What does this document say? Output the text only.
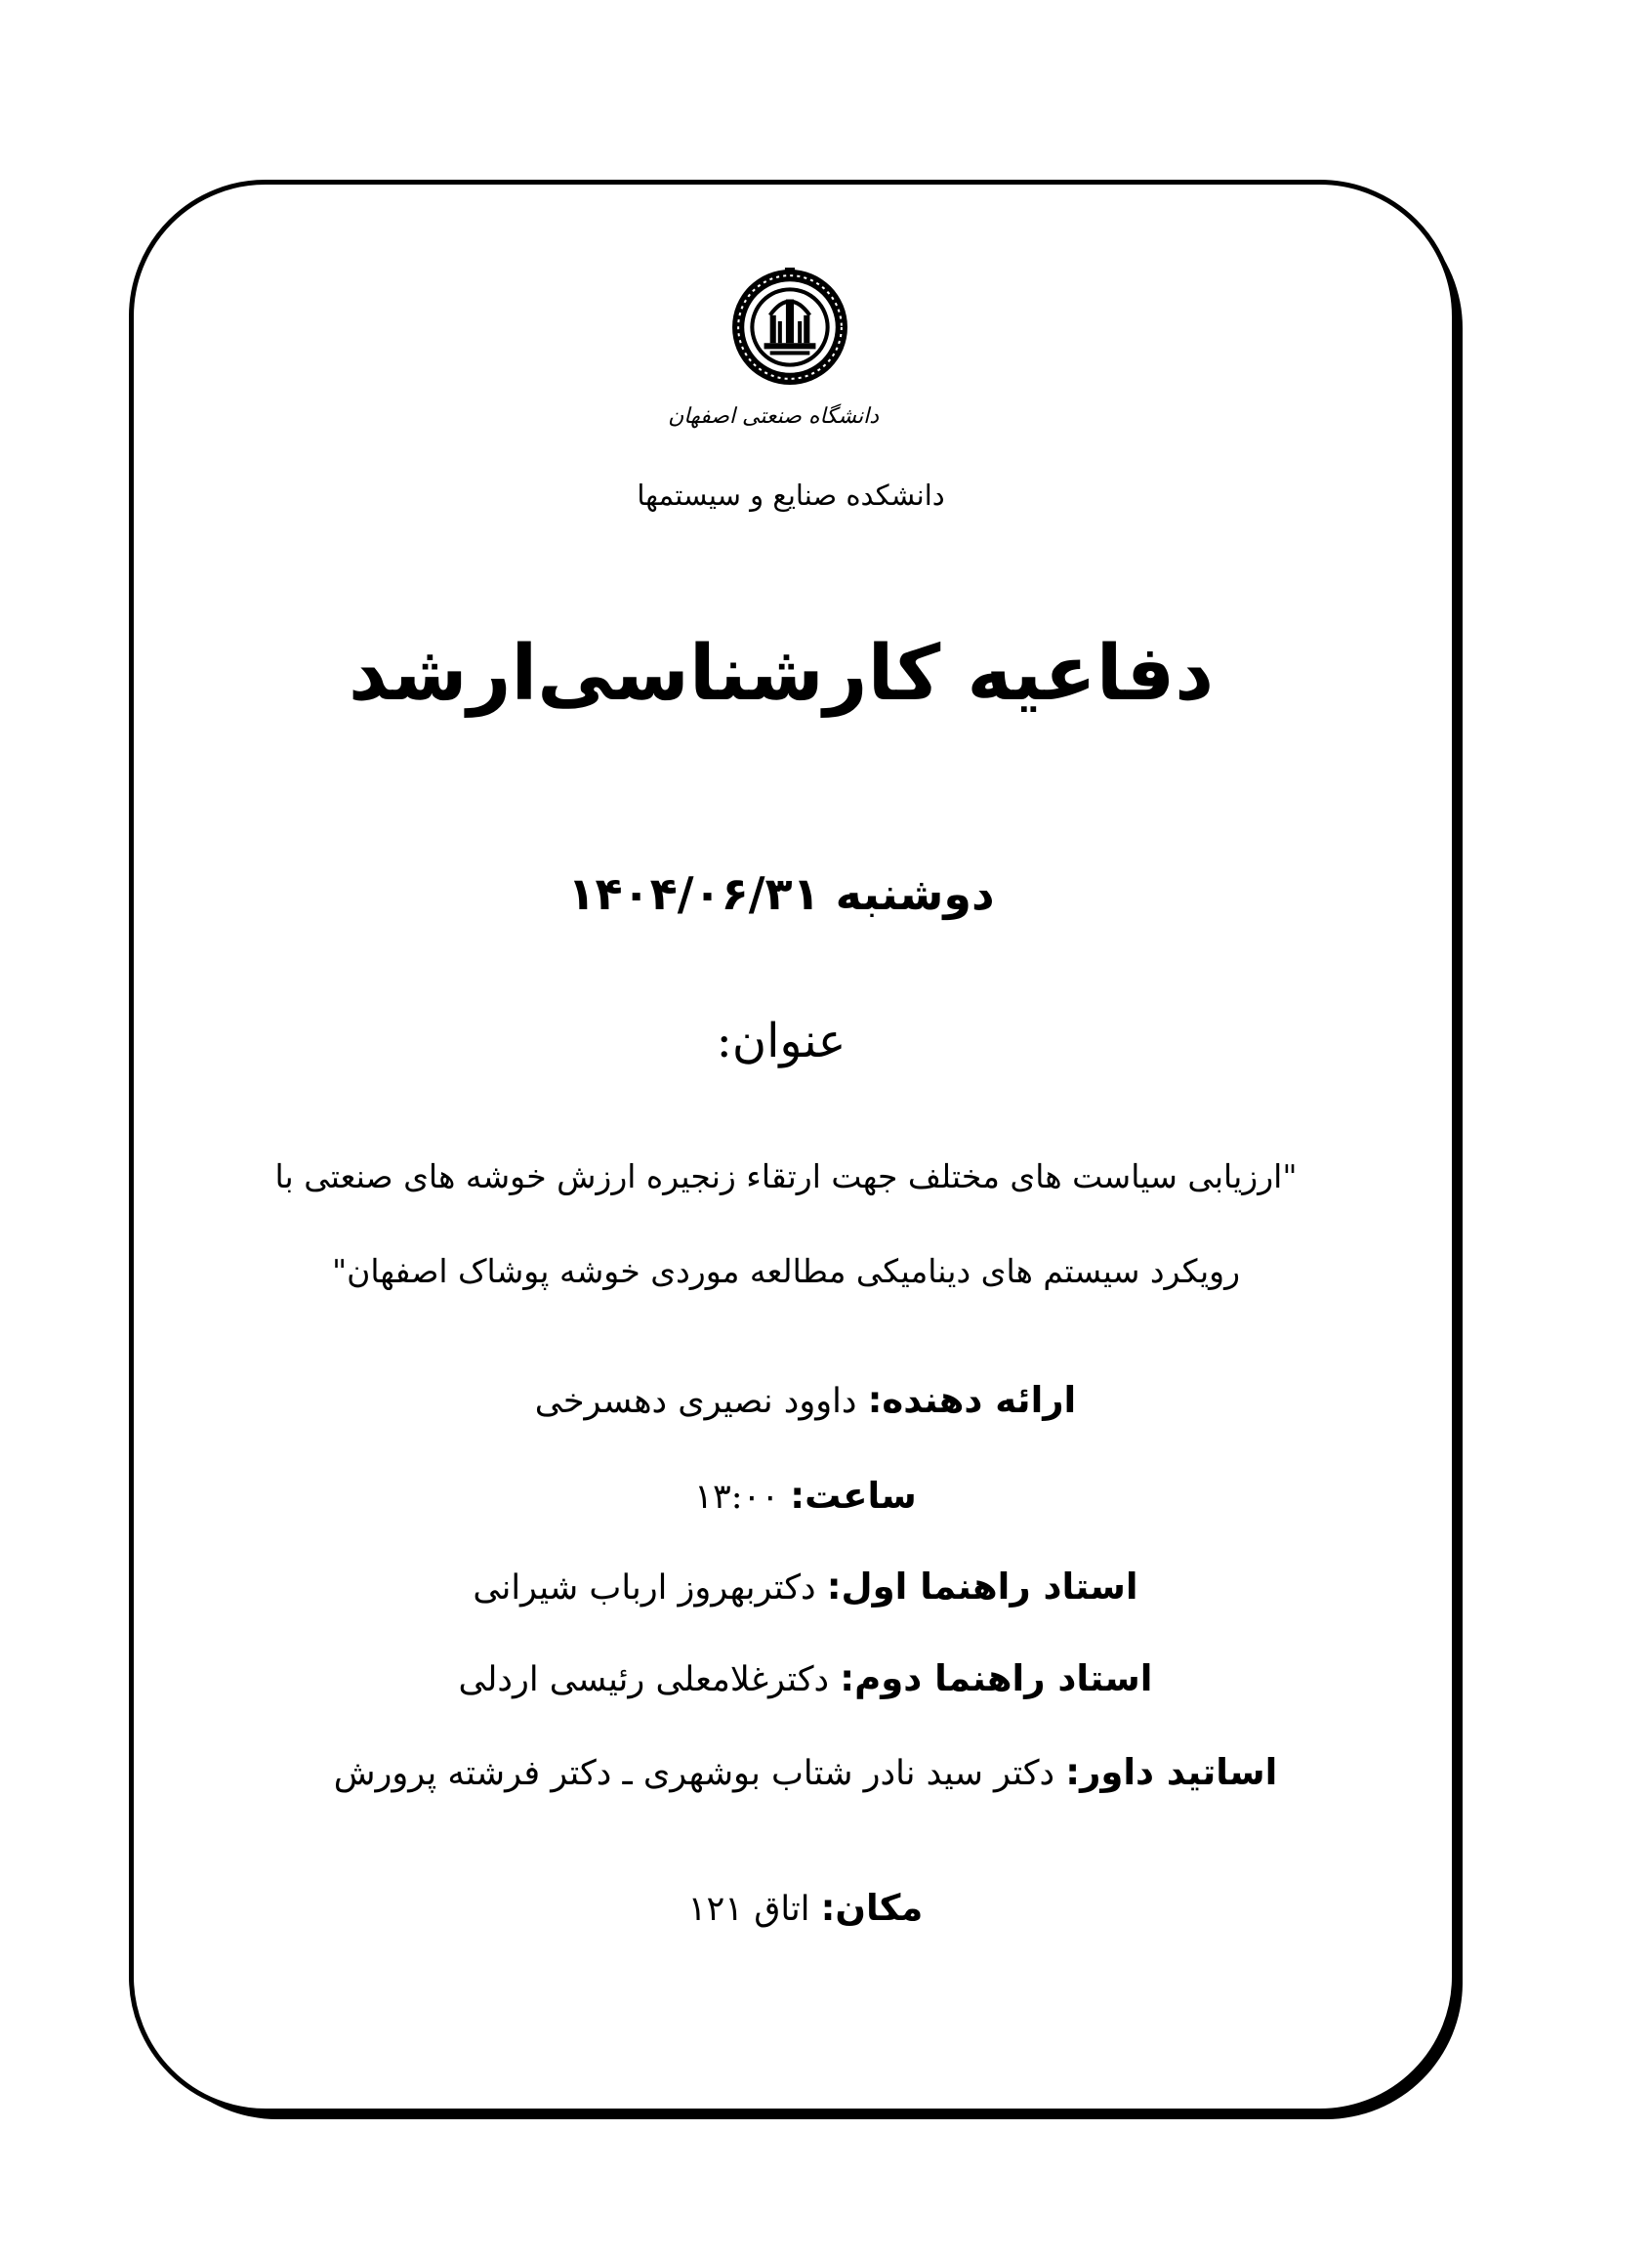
دانشگاه صنعتی اصفهان
دانشکده صنایع و سیستمها
دفاعیه کارشناسی‌ارشد
دوشنبه ۱۴۰۴/۰۶/۳۱
عنوان:
"ارزیابی سیاست های مختلف جهت ارتقاء زنجیره ارزش خوشه های صنعتی با
رویکرد سیستم های دینامیکی مطالعه موردی خوشه پوشاک اصفهان"
ارائه دهنده: داوود نصیری دهسرخی
ساعت: ۱۳:۰۰
استاد راهنما اول: دکتربهروز ارباب شیرانی
استاد راهنما دوم: دکترغلامعلی رئیسی اردلی
اساتید داور: دکتر سید نادر شتاب بوشهری ـ دکتر فرشته پرورش
مکان: اتاق ۱۲۱
